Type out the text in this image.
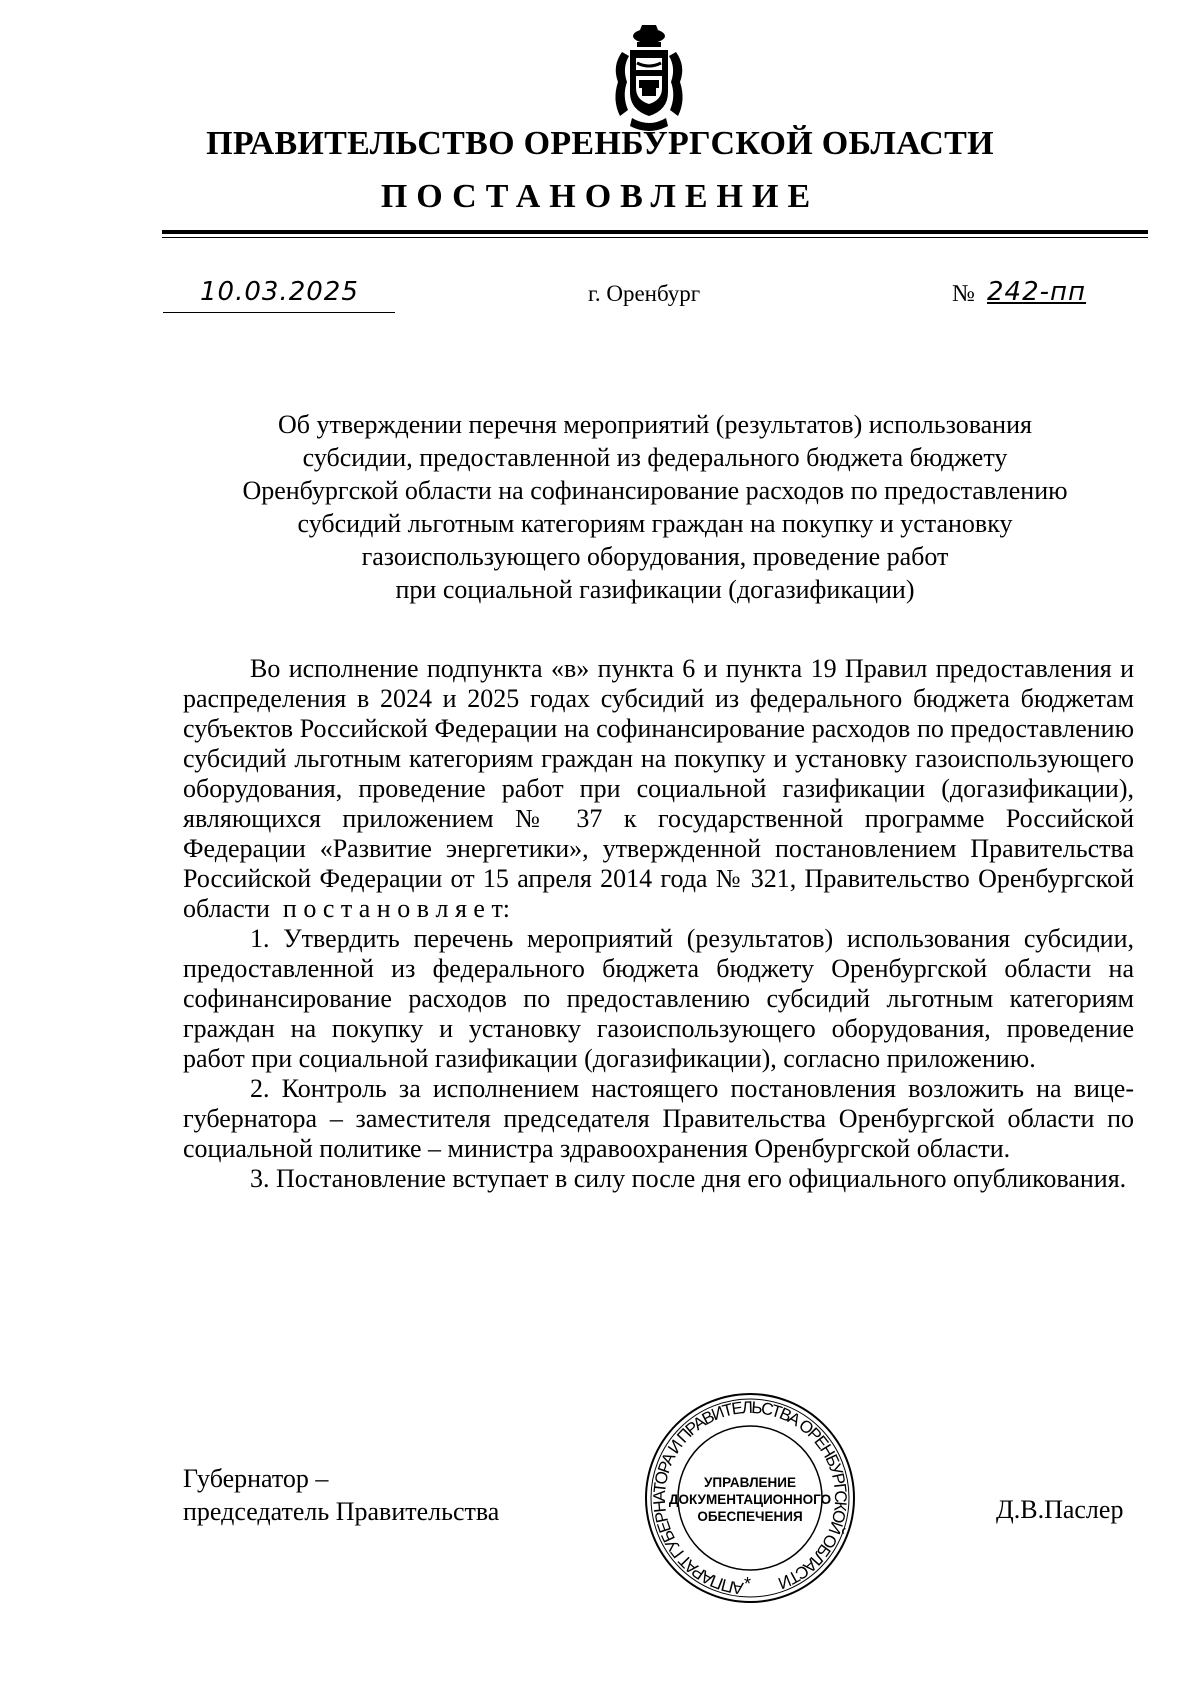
ПРАВИТЕЛЬСТВО ОРЕНБУРГСКОЙ ОБЛАСТИ
ПОСТАНОВЛЕНИЕ
10.03.2025	г. Оренбург	№ 242-пп
Об утверждении перечня мероприятий (результатов) использования
субсидии, предоставленной из федерального бюджета бюджету
Оренбургской области на софинансирование расходов по предоставлению
субсидий льготным категориям граждан на покупку и установку
газоиспользующего оборудования, проведение работ
при социальной газификации (догазификации)
Во исполнение подпункта «в» пункта 6 и пункта 19 Правил предоставления и распределения в 2024 и 2025 годах субсидий из федерального бюджета бюджетам субъектов Российской Федерации на софинансирование расходов по предоставлению субсидий льготным категориям граждан на покупку и установку газоиспользующего оборудования, проведение работ при социальной газификации (догазификации), являющихся приложением № 37 к государственной программе Российской Федерации «Развитие энергетики», утвержденной постановлением Правительства Российской Федерации от 15 апреля 2014 года № 321, Правительство Оренбургской области п о с т а н о в л я е т:
1. Утвердить перечень мероприятий (результатов) использования субсидии, предоставленной из федерального бюджета бюджету Оренбургской области на софинансирование расходов по предоставлению субсидий льготным категориям граждан на покупку и установку газоиспользующего оборудования, проведение работ при социальной газификации (догазификации), согласно приложению.
2. Контроль за исполнением настоящего постановления возложить на вице-губернатора – заместителя председателя Правительства Оренбургской области по социальной политике – министра здравоохранения Оренбургской области.
3. Постановление вступает в силу после дня его официального опубликования.
Губернатор –
председатель Правительства	Д.В.Паслер
АППАРАТ ГУБЕРНАТОРА И ПРАВИТЕЛЬСТВА ОРЕНБУРГСКОЙ ОБЛАСТИ
*
УПРАВЛЕНИЕ
ДОКУМЕНТАЦИОННОГО
ОБЕСПЕЧЕНИЯ
